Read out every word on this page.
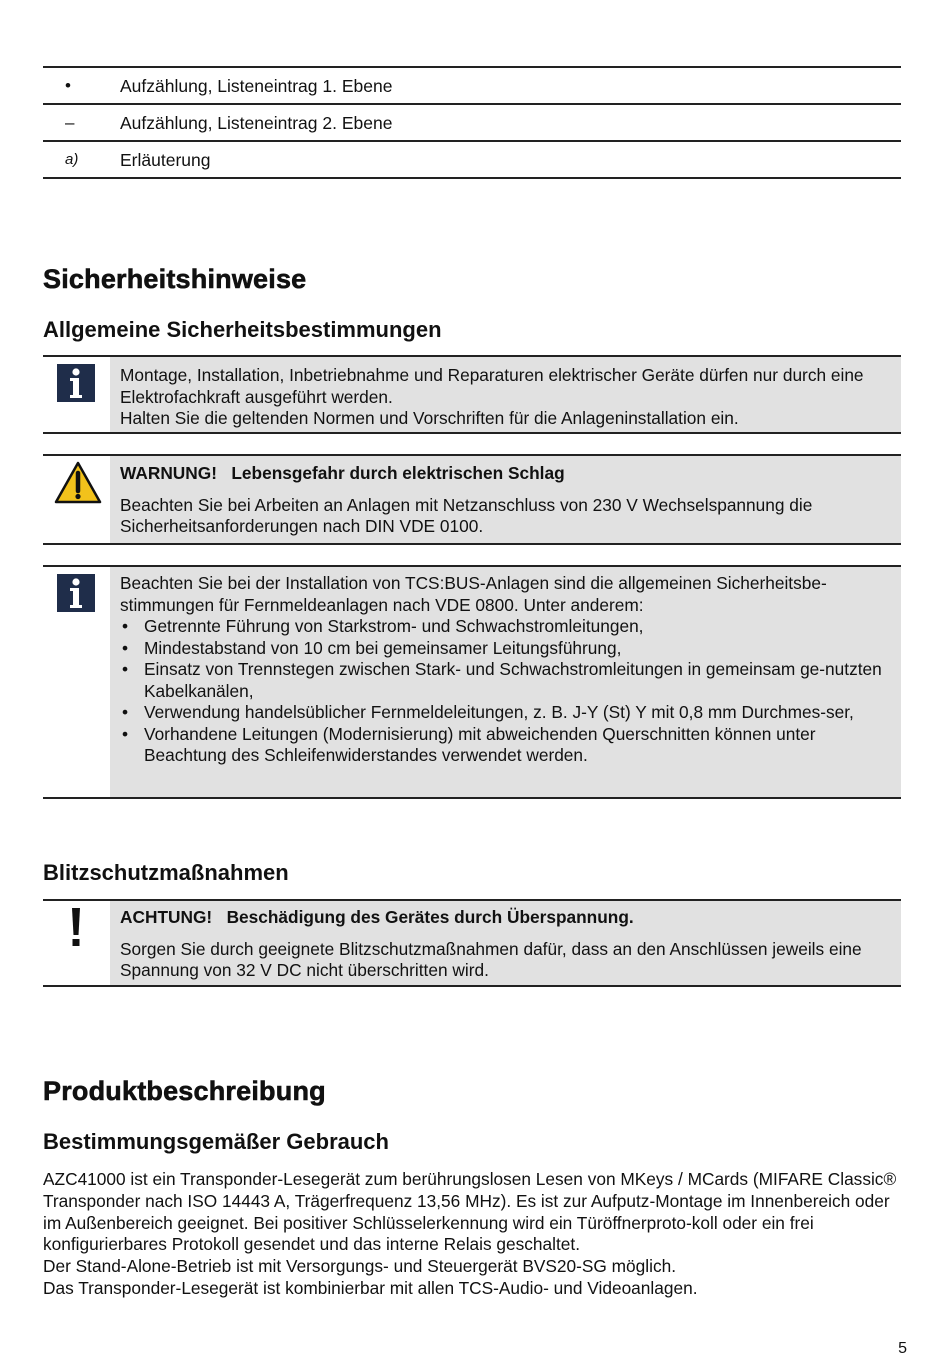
•	Aufzählung, Listeneintrag 1. Ebene
–	Aufzählung, Listeneintrag 2. Ebene
a)	Erläuterung
Sicherheitshinweise
Allgemeine Sicherheitsbestimmungen
Montage, Installation, Inbetriebnahme und Reparaturen elektrischer Geräte dürfen nur durch eine Elektrofachkraft ausgeführt werden.
Halten Sie die geltenden Normen und Vorschriften für die Anlageninstallation ein.
WARNUNG! Lebensgefahr durch elektrischen Schlag
Beachten Sie bei Arbeiten an Anlagen mit Netzanschluss von 230 V Wechselspannung die Sicherheitsanforderungen nach DIN VDE 0100.
Beachten Sie bei der Installation von TCS:BUS-Anlagen sind die allgemeinen Sicherheitsbe-stimmungen für Fernmeldeanlagen nach VDE 0800. Unter anderem:
• Getrennte Führung von Starkstrom- und Schwachstromleitungen,
• Mindestabstand von 10 cm bei gemeinsamer Leitungsführung,
• Einsatz von Trennstegen zwischen Stark- und Schwachstromleitungen in gemeinsam ge-nutzten Kabelkanälen,
• Verwendung handelsüblicher Fernmeldeleitungen, z. B. J-Y (St) Y mit 0,8 mm Durchmes-ser,
• Vorhandene Leitungen (Modernisierung) mit abweichenden Querschnitten können unter Beachtung des Schleifenwiderstandes verwendet werden.
Blitzschutzmaßnahmen
ACHTUNG! Beschädigung des Gerätes durch Überspannung.
Sorgen Sie durch geeignete Blitzschutzmaßnahmen dafür, dass an den Anschlüssen jeweils eine Spannung von 32 V DC nicht überschritten wird.
Produktbeschreibung
Bestimmungsgemäßer Gebrauch
AZC41000 ist ein Transponder-Lesegerät zum berührungslosen Lesen von MKeys / MCards (MIFARE Classic® Transponder nach ISO 14443 A, Trägerfrequenz 13,56 MHz). Es ist zur Aufputz-Montage im Innenbereich oder im Außenbereich geeignet. Bei positiver Schlüsselerkennung wird ein Türöffnerproto-koll oder ein frei konfigurierbares Protokoll gesendet und das interne Relais geschaltet.
Der Stand-Alone-Betrieb ist mit Versorgungs- und Steuergerät BVS20-SG möglich.
Das Transponder-Lesegerät ist kombinierbar mit allen TCS-Audio- und Videoanlagen.
5
